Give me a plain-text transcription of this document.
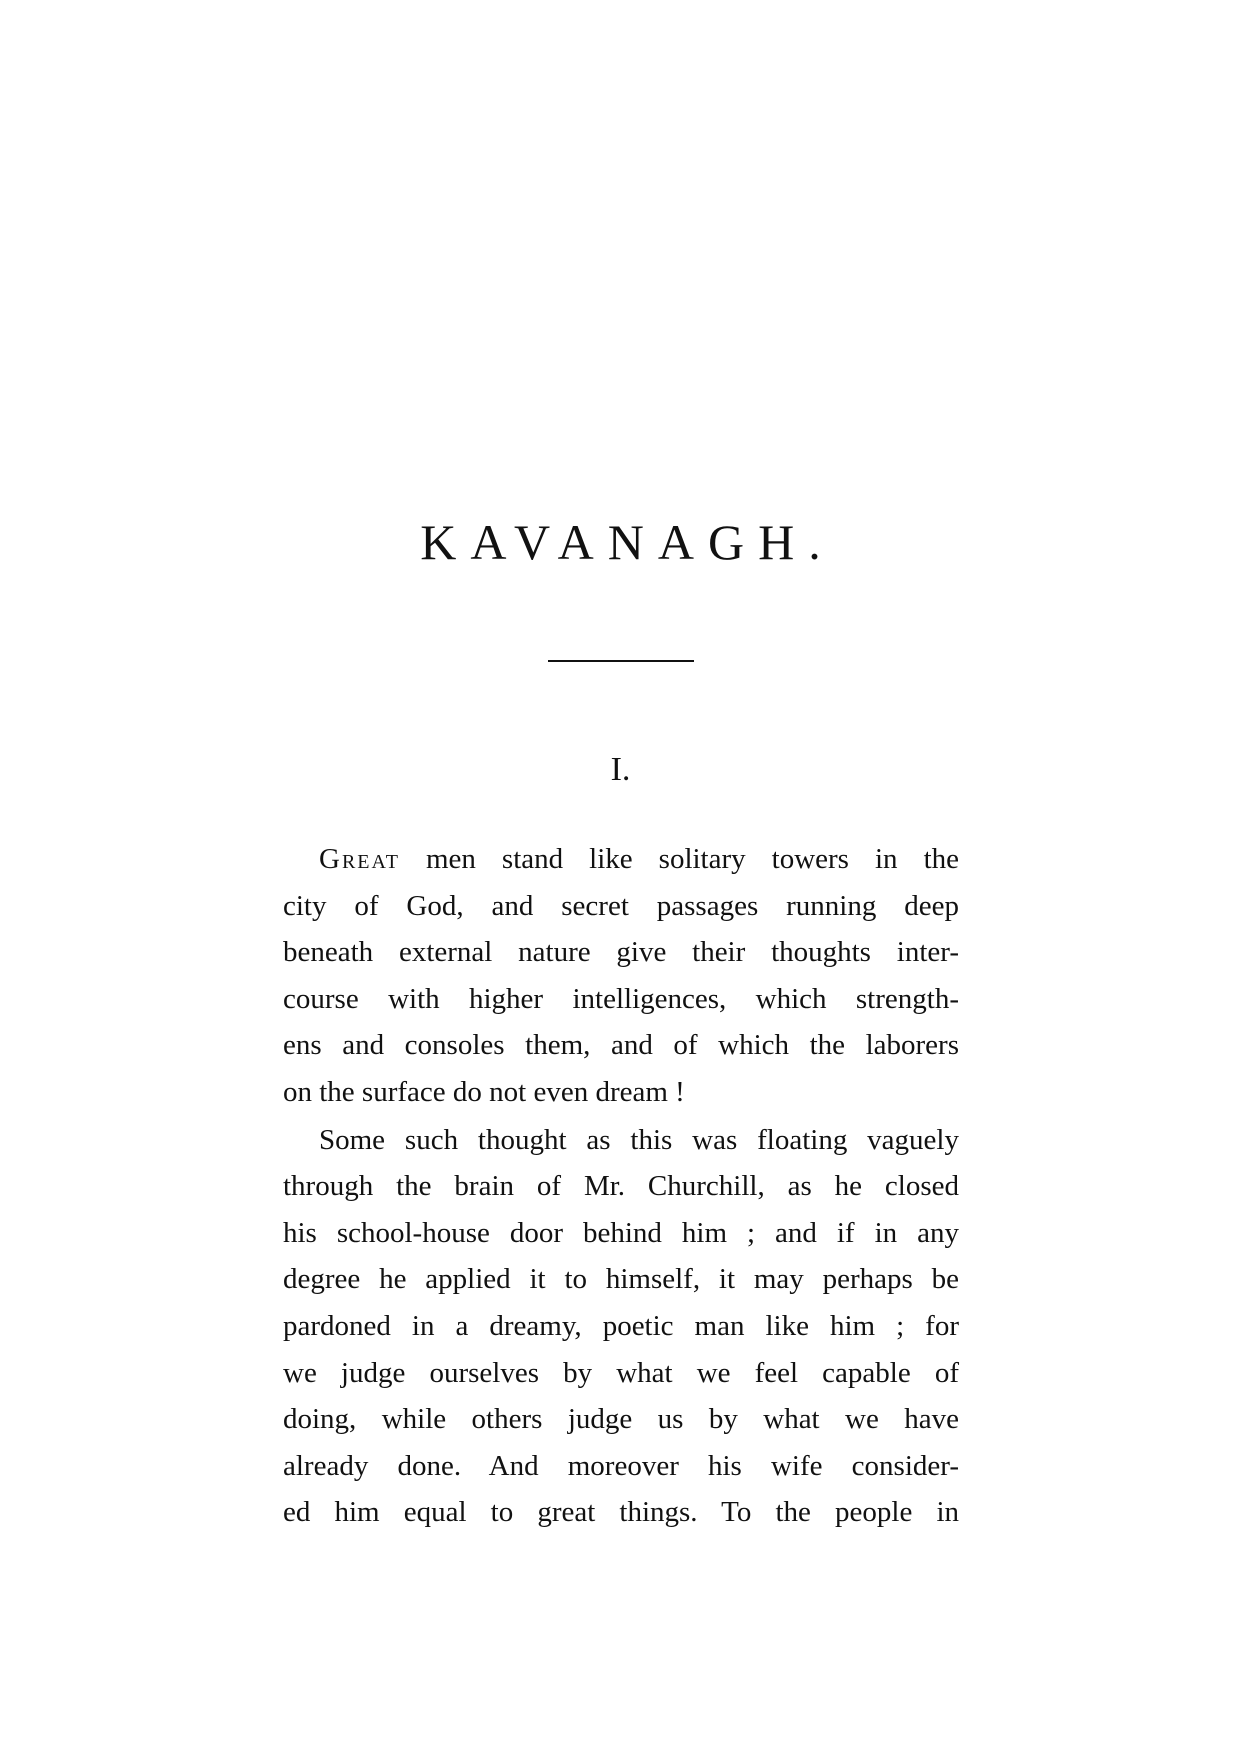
KAVANAGH.
I.
Great men stand like solitary towers in the
city of God, and secret passages running deep
beneath external nature give their thoughts inter-
course with higher intelligences, which strength-
ens and consoles them, and of which the laborers
on the surface do not even dream !
Some such thought as this was floating vaguely
through the brain of Mr. Churchill, as he closed
his school-house door behind him ; and if in any
degree he applied it to himself, it may perhaps be
pardoned in a dreamy, poetic man like him ; for
we judge ourselves by what we feel capable of
doing, while others judge us by what we have
already done. And moreover his wife consider-
ed him equal to great things. To the people in
